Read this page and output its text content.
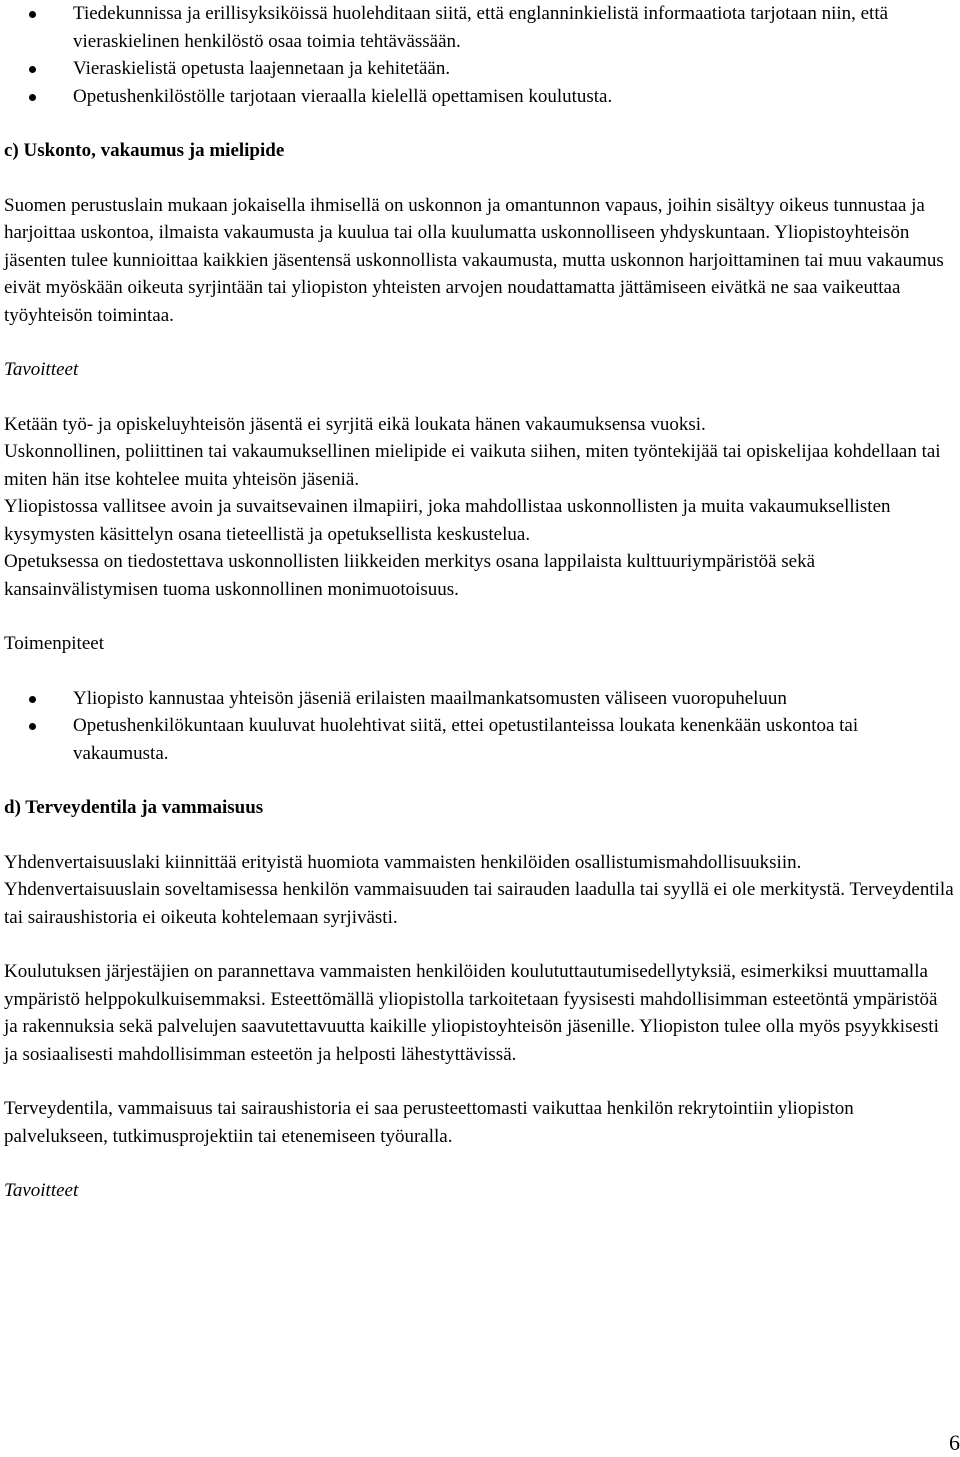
Tiedekunnissa ja erillisyksiköissä huolehditaan siitä, että englanninkielistä informaatiota tarjotaan niin, että vieraskielinen henkilöstö osaa toimia tehtävässään.
Vieraskielistä opetusta laajennetaan ja kehitetään.
Opetushenkilöstölle tarjotaan vieraalla kielellä opettamisen koulutusta.

c) Uskonto, vakaumus ja mielipide

Suomen perustuslain mukaan jokaisella ihmisellä on uskonnon ja omantunnon vapaus, joihin sisältyy oikeus tunnustaa ja harjoittaa uskontoa, ilmaista vakaumusta ja kuulua tai olla kuulumatta uskonnolliseen yhdyskuntaan. Yliopistoyhteisön jäsenten tulee kunnioittaa kaikkien jäsentensä uskonnollista vakaumusta, mutta uskonnon harjoittaminen tai muu vakaumus eivät myöskään oikeuta syrjintään tai yliopiston yhteisten arvojen noudattamatta jättämiseen eivätkä ne saa vaikeuttaa työyhteisön toimintaa.

Tavoitteet

Ketään työ- ja opiskeluyhteisön jäsentä ei syrjitä eikä loukata hänen vakaumuksensa vuoksi.

Uskonnollinen, poliittinen tai vakaumuksellinen mielipide ei vaikuta siihen, miten työntekijää tai opiskelijaa kohdellaan tai miten hän itse kohtelee muita yhteisön jäseniä.

Yliopistossa vallitsee avoin ja suvaitsevainen ilmapiiri, joka mahdollistaa uskonnollisten ja muita vakaumuksellisten kysymysten käsittelyn osana tieteellistä ja opetuksellista keskustelua.

Opetuksessa on tiedostettava uskonnollisten liikkeiden merkitys osana lappilaista kulttuuriympäristöä sekä kansainvälistymisen tuoma uskonnollinen monimuotoisuus.

Toimenpiteet

Yliopisto kannustaa yhteisön jäseniä erilaisten maailmankatsomusten väliseen vuoropuheluun
Opetushenkilökuntaan kuuluvat huolehtivat siitä, ettei opetustilanteissa loukata kenenkään uskontoa tai vakaumusta.

d) Terveydentila ja vammaisuus

Yhdenvertaisuuslaki kiinnittää erityistä huomiota vammaisten henkilöiden osallistumismahdollisuuksiin. Yhdenvertaisuuslain soveltamisessa henkilön vammaisuuden tai sairauden laadulla tai syyllä ei ole merkitystä. Terveydentila tai sairaushistoria ei oikeuta kohtelemaan syrjivästi.

Koulutuksen järjestäjien on parannettava vammaisten henkilöiden koulututtautumisedellytyksiä, esimerkiksi muuttamalla ympäristö helppokulkuisemmaksi. Esteettömällä yliopistolla tarkoitetaan fyysisesti mahdollisimman esteetöntä ympäristöä ja rakennuksia sekä palvelujen saavutettavuutta kaikille yliopistoyhteisön jäsenille. Yliopiston tulee olla myös psyykkisesti ja sosiaalisesti mahdollisimman esteetön ja helposti lähestyttävissä.

Terveydentila, vammaisuus tai sairaushistoria ei saa perusteettomasti vaikuttaa henkilön rekrytointiin yliopiston palvelukseen, tutkimusprojektiin tai etenemiseen työuralla.

Tavoitteet

6
